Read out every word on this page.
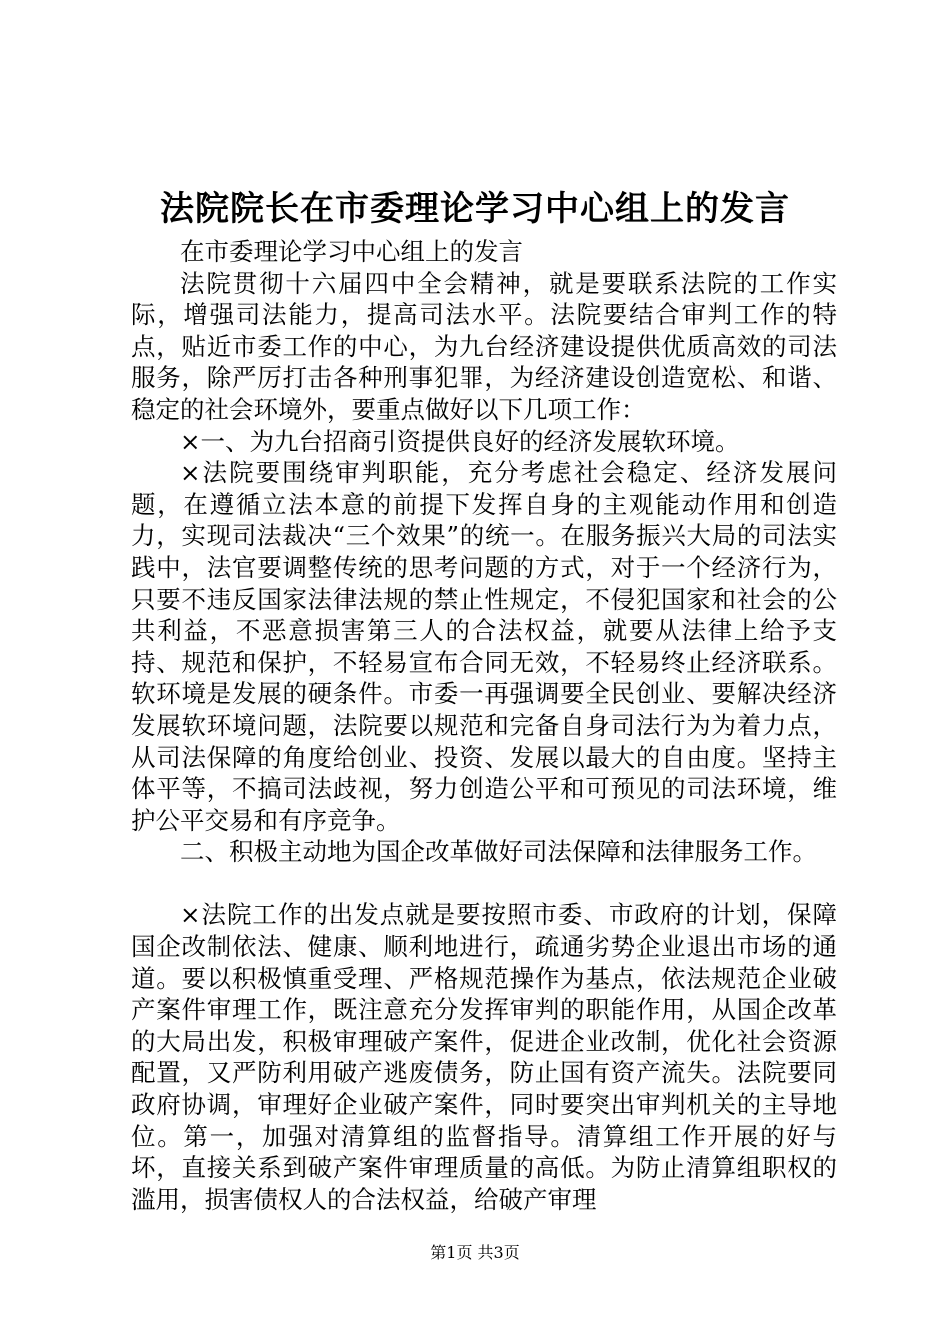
法院院长在市委理论学习中心组上的发言

在市委理论学习中心组上的发言

法院贯彻十六届四中全会精神，就是要联系法院的工作实际，增强司法能力，提高司法水平。法院要结合审判工作的特点，贴近市委工作的中心，为九台经济建设提供优质高效的司法服务，除严厉打击各种刑事犯罪，为经济建设创造宽松、和谐、稳定的社会环境外，要重点做好以下几项工作：

×一、为九台招商引资提供良好的经济发展软环境。

×法院要围绕审判职能，充分考虑社会稳定、经济发展问题，在遵循立法本意的前提下发挥自身的主观能动作用和创造力，实现司法裁决“三个效果”的统一。在服务振兴大局的司法实践中，法官要调整传统的思考问题的方式，对于一个经济行为，只要不违反国家法律法规的禁止性规定，不侵犯国家和社会的公共利益，不恶意损害第三人的合法权益，就要从法律上给予支持、规范和保护，不轻易宣布合同无效，不轻易终止经济联系。软环境是发展的硬条件。市委一再强调要全民创业、要解决经济发展软环境问题，法院要以规范和完备自身司法行为为着力点，从司法保障的角度给创业、投资、发展以最大的自由度。坚持主体平等，不搞司法歧视，努力创造公平和可预见的司法环境，维护公平交易和有序竞争。

二、积极主动地为国企改革做好司法保障和法律服务工作。

×法院工作的出发点就是要按照市委、市政府的计划，保障国企改制依法、健康、顺利地进行，疏通劣势企业退出市场的通道。要以积极慎重受理、严格规范操作为基点，依法规范企业破产案件审理工作，既注意充分发挥审判的职能作用，从国企改革的大局出发，积极审理破产案件，促进企业改制，优化社会资源配置，又严防利用破产逃废债务，防止国有资产流失。法院要同政府协调，审理好企业破产案件，同时要突出审判机关的主导地位。第一，加强对清算组的监督指导。清算组工作开展的好与坏，直接关系到破产案件审理质量的高低。为防止清算组职权的滥用，损害债权人的合法权益，给破产审理

第1页 共3页
